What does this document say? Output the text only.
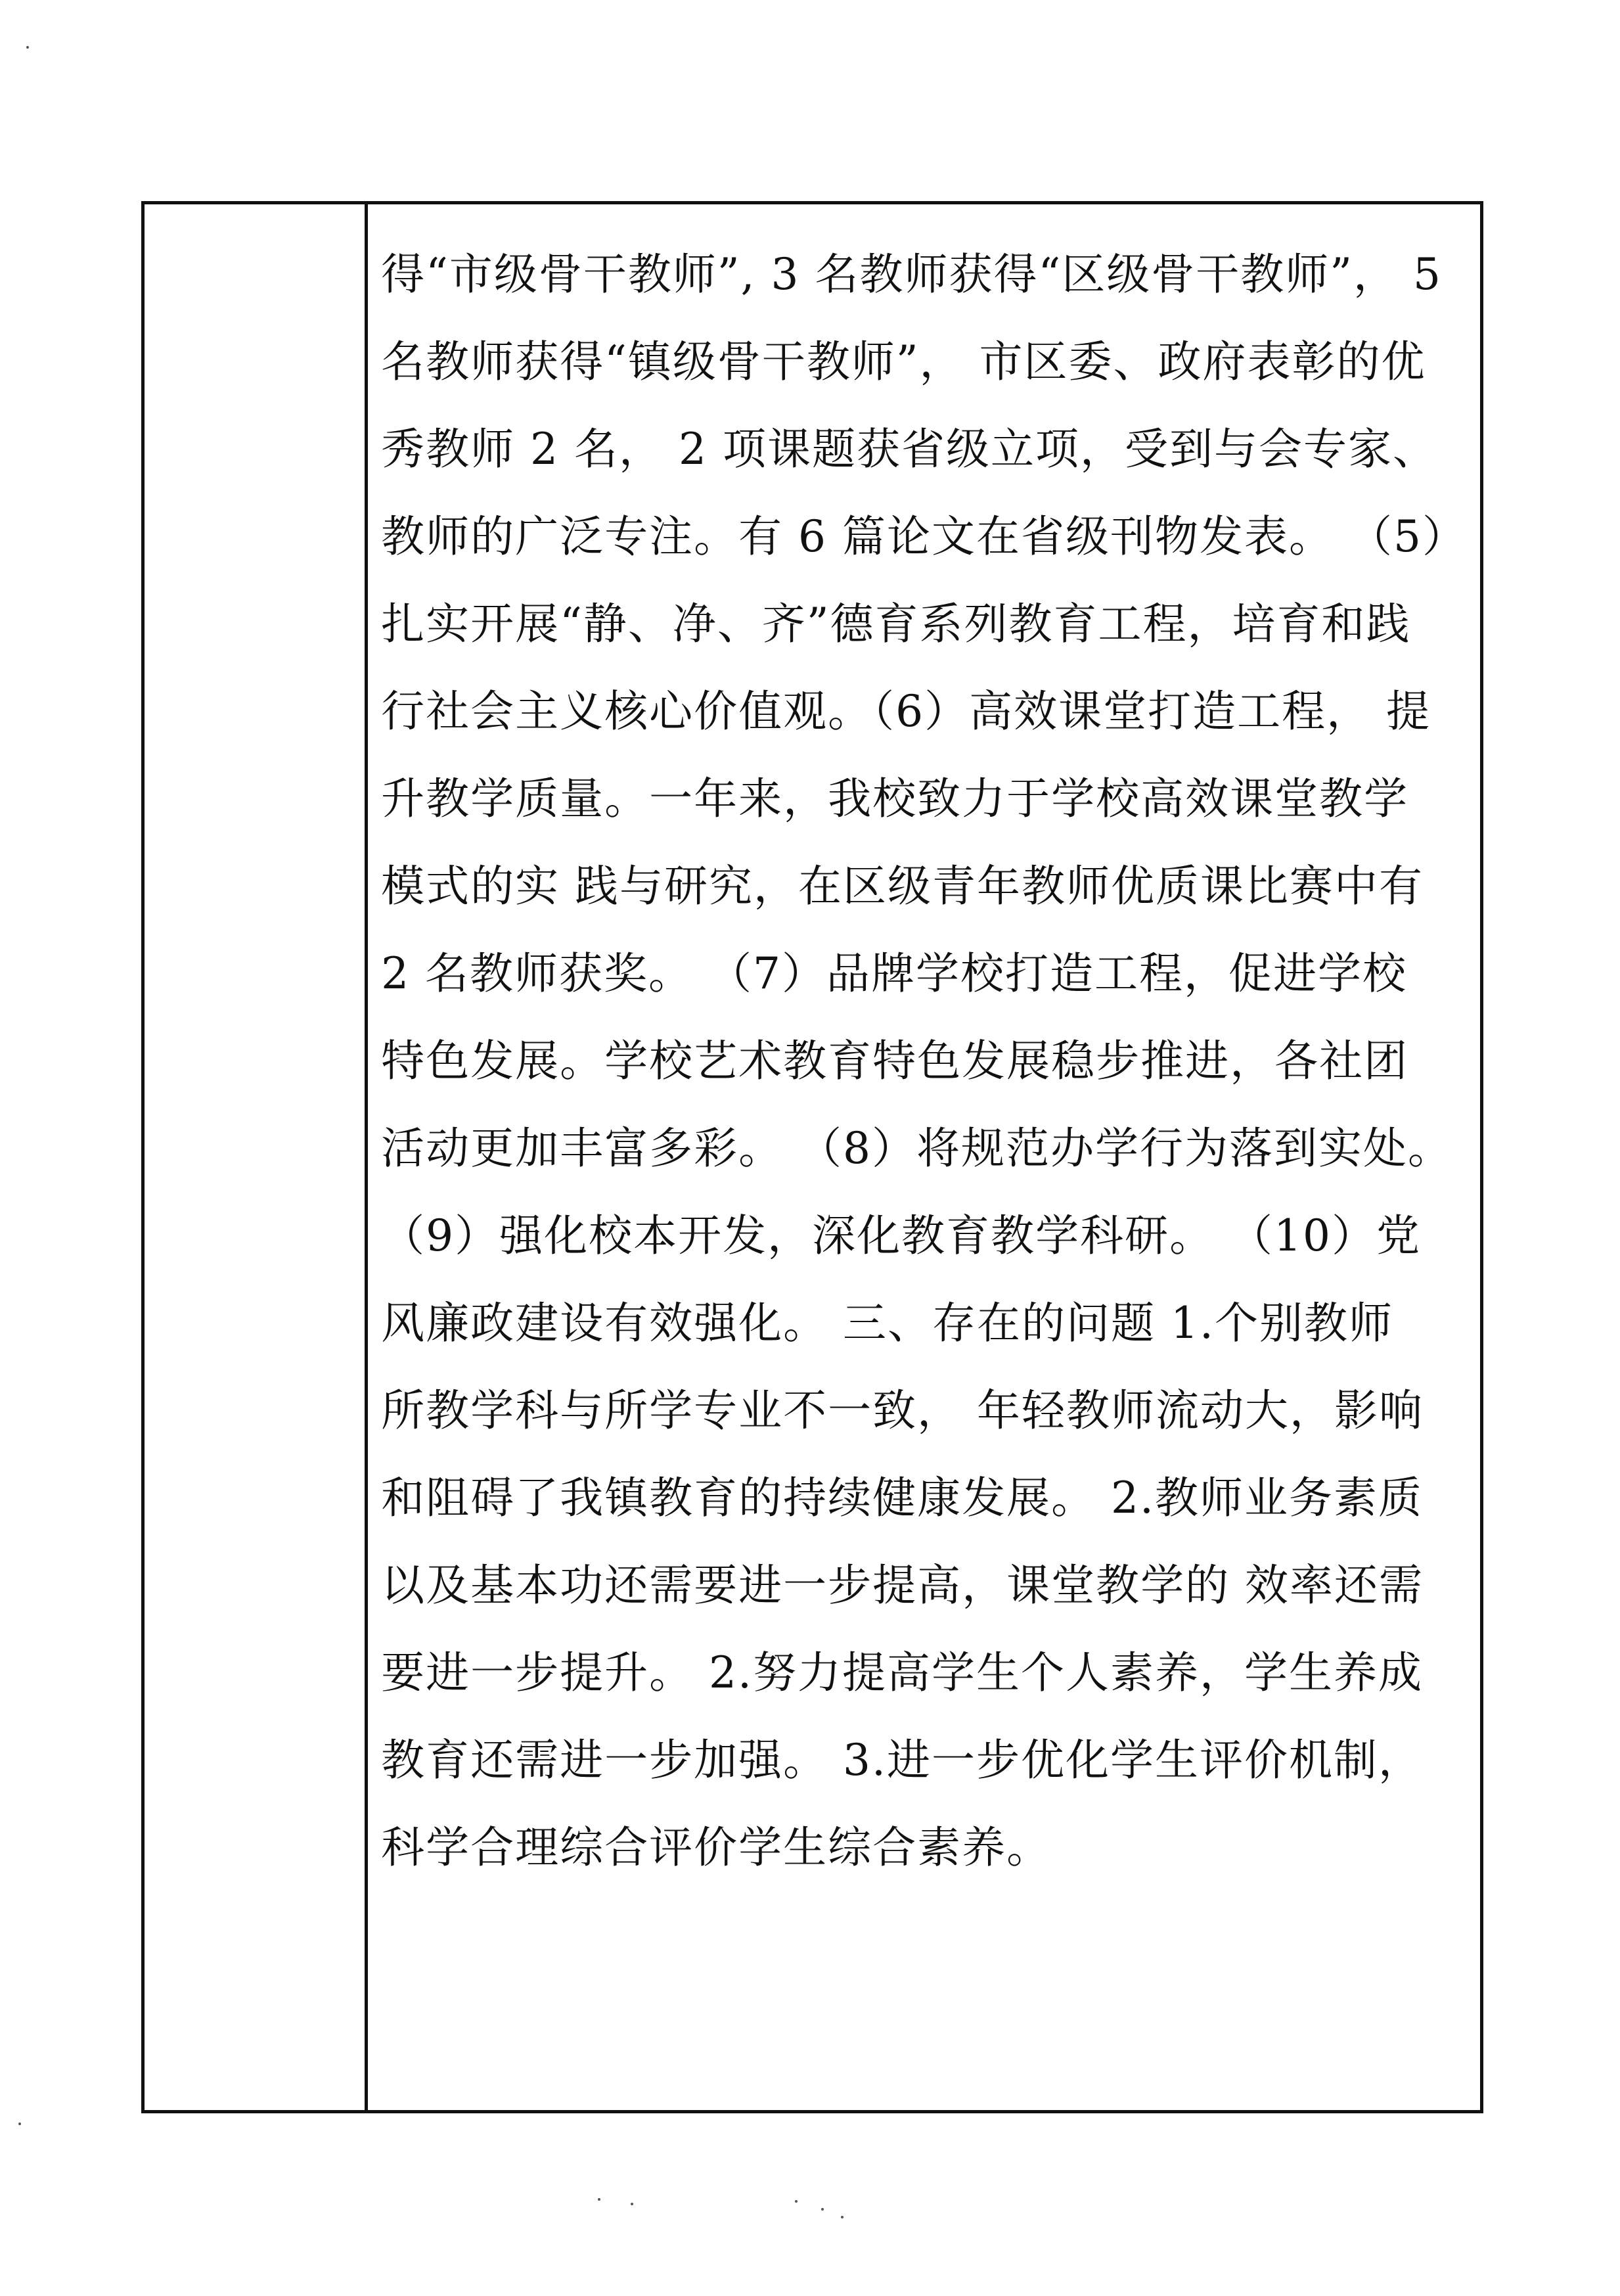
得“市级骨干教师”, 3 名教师获得“区级骨干教师”， 5
名教师获得“镇级骨干教师”， 市区委、政府表彰的优
秀教师 2 名， 2 项课题获省级立项，受到与会专家、
教师的广泛专注。有 6 篇论文在省级刊物发表。 （5）
扎实开展“静、净、齐”德育系列教育工程，培育和践
行社会主义核心价值观。（6）高效课堂打造工程， 提
升教学质量。一年来，我校致力于学校高效课堂教学
模式的实 践与研究，在区级青年教师优质课比赛中有
2 名教师获奖。 （7）品牌学校打造工程，促进学校
特色发展。学校艺术教育特色发展稳步推进，各社团
活动更加丰富多彩。 （8）将规范办学行为落到实处。
（9）强化校本开发，深化教育教学科研。 （10）党
风廉政建设有效强化。 三、存在的问题 1.个别教师
所教学科与所学专业不一致， 年轻教师流动大，影响
和阻碍了我镇教育的持续健康发展。 2.教师业务素质
以及基本功还需要进一步提高，课堂教学的 效率还需
要进一步提升。 2.努力提高学生个人素养，学生养成
教育还需进一步加强。 3.进一步优化学生评价机制，
科学合理综合评价学生综合素养。
